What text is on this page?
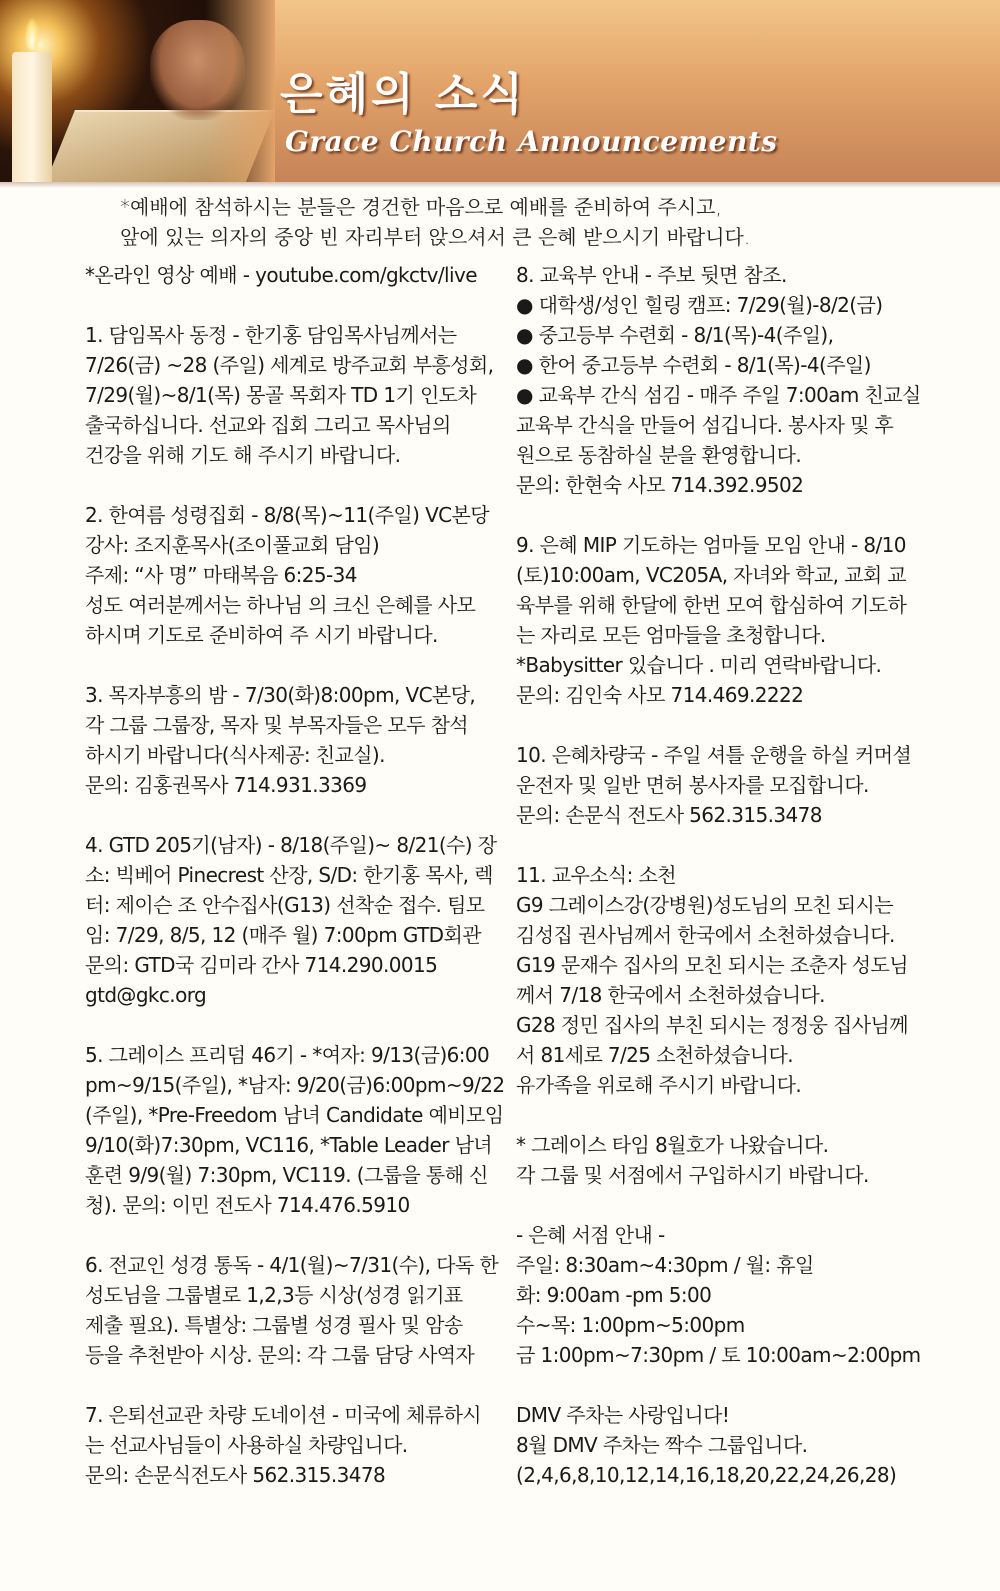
은혜의 소식
Grace Church Announcements

*예배에 참석하시는 분들은 경건한 마음으로 예배를 준비하여 주시고,

앞에 있는 의자의 중앙 빈 자리부터 앉으셔서 큰 은혜 받으시기 바랍니다.

*온라인 영상 예배 - youtube.com/gkctv/live

1. 담임목사 동정 - 한기홍 담임목사님께서는

7/26(금) ~28 (주일) 세계로 방주교회 부흥성회,

7/29(월)~8/1(목) 몽골 목회자 TD 1기 인도차

출국하십니다. 선교와 집회 그리고 목사님의

건강을 위해 기도 해 주시기 바랍니다.

2. 한여름 성령집회 - 8/8(목)~11(주일) VC본당

강사: 조지훈목사(조이풀교회 담임)

주제: “사 명” 마태복음 6:25-34

성도 여러분께서는 하나님 의 크신 은혜를 사모

하시며 기도로 준비하여 주 시기 바랍니다.

3. 목자부흥의 밤 - 7/30(화)8:00pm, VC본당,

각 그룹 그룹장, 목자 및 부목자들은 모두 참석

하시기 바랍니다(식사제공: 친교실).

문의: 김홍권목사 714.931.3369

4. GTD 205기(남자) - 8/18(주일)~ 8/21(수) 장

소: 빅베어 Pinecrest 산장, S/D: 한기홍 목사, 렉

터: 제이슨 조 안수집사(G13) 선착순 접수. 팀모

임: 7/29, 8/5, 12 (매주 월) 7:00pm GTD회관

문의: GTD국 김미라 간사 714.290.0015

gtd@gkc.org

5. 그레이스 프리덤 46기 - *여자: 9/13(금)6:00

pm~9/15(주일), *남자: 9/20(금)6:00pm~9/22

(주일), *Pre-Freedom 남녀 Candidate 예비모임

9/10(화)7:30pm, VC116, *Table Leader 남녀

훈련 9/9(월) 7:30pm, VC119. (그룹을 통해 신

청). 문의: 이민 전도사 714.476.5910

6. 전교인 성경 통독 - 4/1(월)~7/31(수), 다독 한

성도님을 그룹별로 1,2,3등 시상(성경 읽기표

제출 필요). 특별상: 그룹별 성경 필사 및 암송

등을 추천받아 시상. 문의: 각 그룹 담당 사역자

7. 은퇴선교관 차량 도네이션 - 미국에 체류하시

는 선교사님들이 사용하실 차량입니다.

문의: 손문식전도사 562.315.3478

8. 교육부 안내 - 주보 뒷면 참조.

● 대학생/성인 힐링 캠프: 7/29(월)-8/2(금)

● 중고등부 수련회 - 8/1(목)-4(주일),

● 한어 중고등부 수련회 - 8/1(목)-4(주일)

● 교육부 간식 섬김 - 매주 주일 7:00am 친교실

교육부 간식을 만들어 섬깁니다. 봉사자 및 후

원으로 동참하실 분을 환영합니다.

문의: 한현숙 사모 714.392.9502

9. 은혜 MIP 기도하는 엄마들 모임 안내 - 8/10

(토)10:00am, VC205A, 자녀와 학교, 교회 교

육부를 위해 한달에 한번 모여 합심하여 기도하

는 자리로 모든 엄마들을 초청합니다.

*Babysitter 있습니다 . 미리 연락바랍니다.

문의: 김인숙 사모 714.469.2222

10. 은혜차량국 - 주일 셔틀 운행을 하실 커머셜

운전자 및 일반 면허 봉사자를 모집합니다.

문의: 손문식 전도사 562.315.3478

11. 교우소식: 소천

G9 그레이스강(강병원)성도님의 모친 되시는

김성집 권사님께서 한국에서 소천하셨습니다.

G19 문재수 집사의 모친 되시는 조춘자 성도님

께서 7/18 한국에서 소천하셨습니다.

G28 정민 집사의 부친 되시는 정정웅 집사님께

서 81세로 7/25 소천하셨습니다.

유가족을 위로해 주시기 바랍니다.

* 그레이스 타임 8월호가 나왔습니다.

각 그룹 및 서점에서 구입하시기 바랍니다.

- 은혜 서점 안내 -

주일: 8:30am~4:30pm / 월: 휴일

화: 9:00am -pm 5:00

수~목: 1:00pm~5:00pm

금 1:00pm~7:30pm / 토 10:00am~2:00pm

DMV 주차는 사랑입니다!

8월 DMV 주차는 짝수 그룹입니다.

(2,4,6,8,10,12,14,16,18,20,22,24,26,28)
